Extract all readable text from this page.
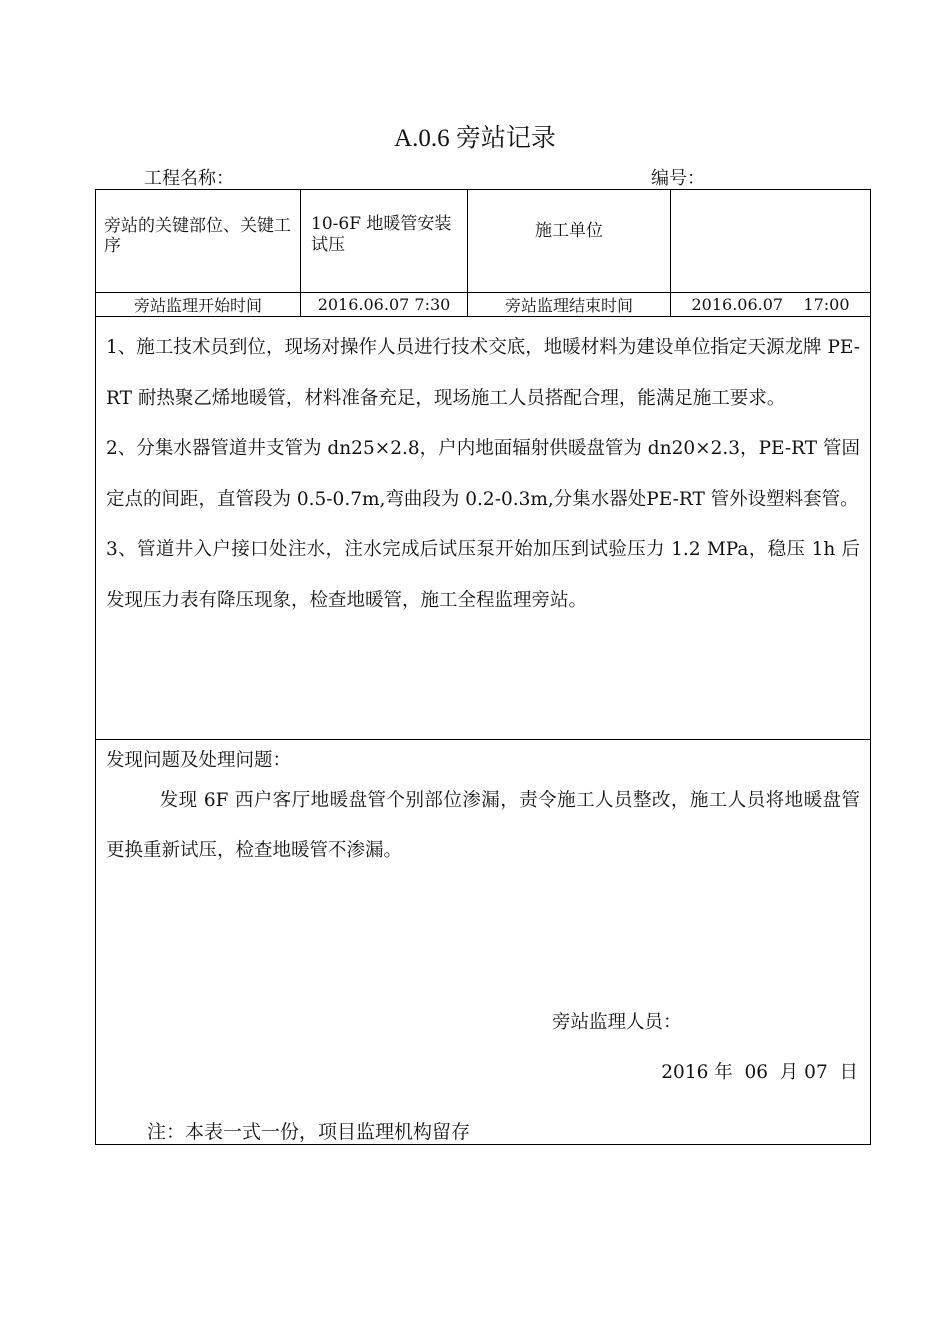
A.0.6 旁站记录
工程名称：	编号：
旁站的关键部位、关键工序	10-6F 地暖管安装试压	施工单位	
旁站监理开始时间	2016.06.07 7:30	旁站监理结束时间	2016.06.07    17:00

1、施工技术员到位，现场对操作人员进行技术交底，地暖材料为建设单位指定天源龙牌 PE-RT 耐热聚乙烯地暖管，材料准备充足，现场施工人员搭配合理，能满足施工要求。

2、分集水器管道井支管为 dn25×2.8，户内地面辐射供暖盘管为 dn20×2.3，PE-RT 管固定点的间距，直管段为 0.5-0.7m,弯曲段为 0.2-0.3m,分集水器处PE-RT 管外设塑料套管。

3、管道井入户接口处注水，注水完成后试压泵开始加压到试验压力 1.2 MPa，稳压 1h 后发现压力表有降压现象，检查地暖管，施工全程监理旁站。			

发现问题及处理问题：

发现 6F 西户客厅地暖盘管个别部位渗漏，责令施工人员整改，施工人员将地暖盘管更换重新试压，检查地暖管不渗漏。

旁站监理人员：
2016 年  06  月 07  日			
注：本表一式一份，项目监理机构留存
